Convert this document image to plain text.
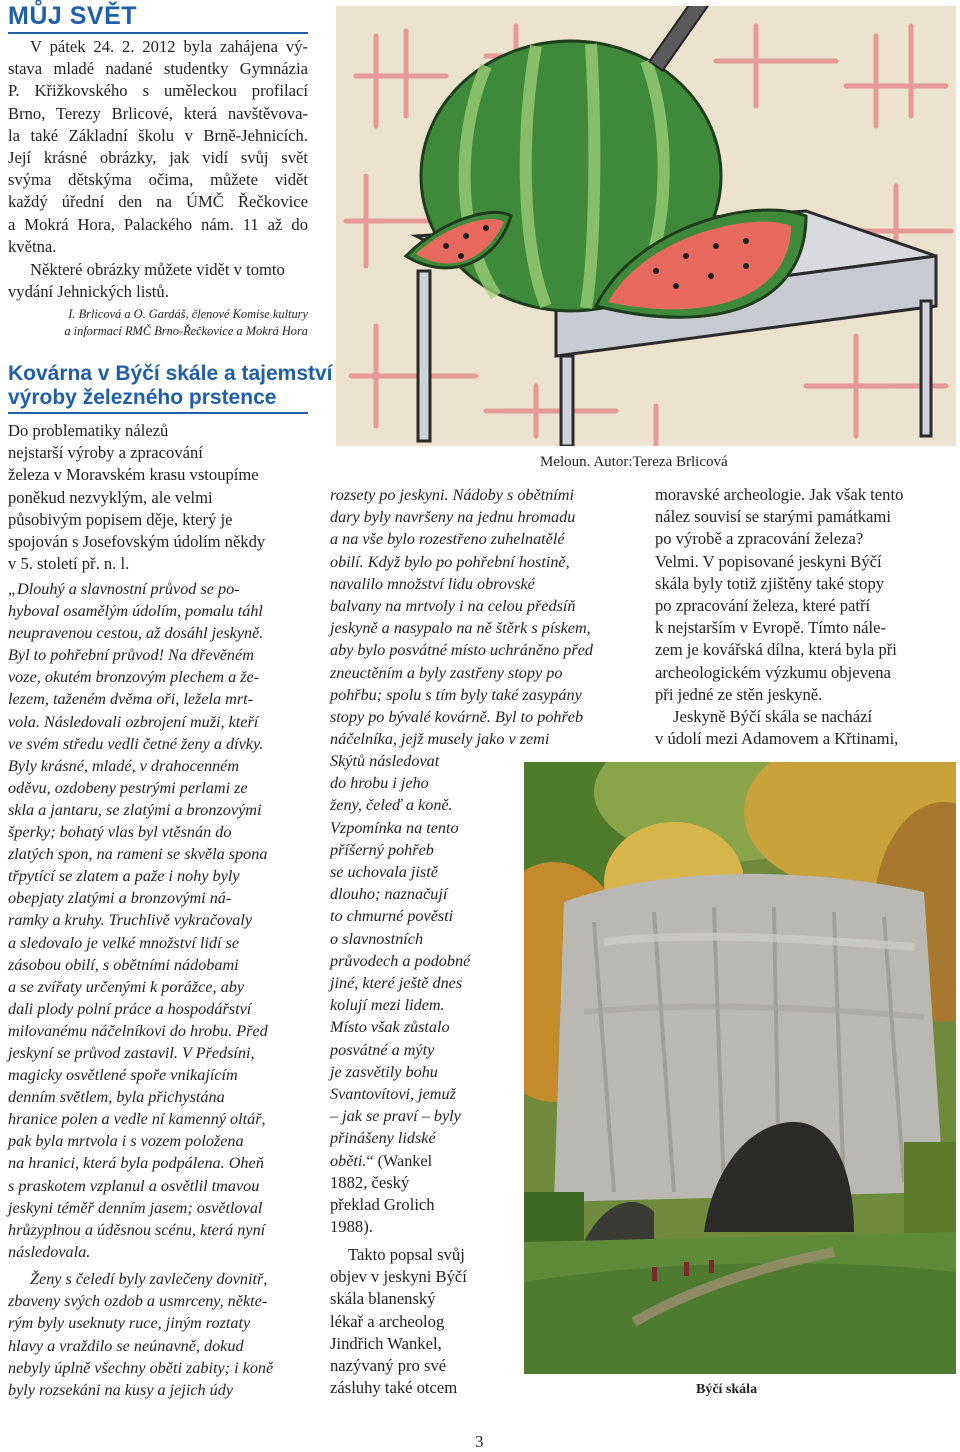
MŮJ SVĚT
V pátek 24. 2. 2012 byla zahájena vý-
stava mladé nadané studentky Gymnázia
P. Křižkovského s uměleckou profilací
Brno, Terezy Brlicové, která navštěvova-
la také Základní školu v Brně-Jehnicích.
Její krásné obrázky, jak vidí svůj svět
svýma dětskýma očima, můžete vidět
každý úřední den na ÚMČ Řečkovice
a Mokrá Hora, Palackého nám. 11 až do
května.
Některé obrázky můžete vidět v tomto
vydání Jehnických listů.
I. Brlicová a O. Gardáš, členové Komise kultury
a informací RMČ Brno-Řečkovice a Mokrá Hora
Meloun. Autor:Tereza Brlicová
Kovárna v Býčí skále a tajemství
výroby železného prstence
Do problematiky nálezů
nejstarší výroby a zpracování
železa v Moravském krasu vstoupíme
poněkud nezvyklým, ale velmi
působivým popisem děje, který je
spojován s Josefovským údolím někdy
v 5. století př. n. l.
„Dlouhý a slavnostní průvod se po-
hyboval osamělým údolím, pomalu táhl
neupravenou cestou, až dosáhl jeskyně.
Byl to pohřební průvod! Na dřevěném
voze, okutém bronzovým plechem a že-
lezem, taženém dvěma oři, ležela mrt-
vola. Následovali ozbrojení muži, kteří
ve svém středu vedli četné ženy a dívky.
Byly krásné, mladé, v drahocenném
oděvu, ozdobeny pestrými perlami ze
skla a jantaru, se zlatými a bronzovými
šperky; bohatý vlas byl vtěsnán do
zlatých spon, na rameni se skvěla spona
třpytící se zlatem a paže i nohy byly
obepjaty zlatými a bronzovými ná-
ramky a kruhy. Truchlivě vykračovaly
a sledovalo je velké množství lidí se
zásobou obilí, s obětními nádobami
a se zvířaty určenými k porážce, aby
dali plody polní práce a hospodářství
milovanému náčelníkovi do hrobu. Před
jeskyní se průvod zastavil. V Předsíni,
magicky osvětlené spoře vnikajícím
denním světlem, byla přichystána
hranice polen a vedle ní kamenný oltář,
pak byla mrtvola i s vozem položena
na hranici, která byla podpálena. Oheň
s praskotem vzplanul a osvětlil tmavou
jeskyni téměř denním jasem; osvětloval
hrůzyplnou a úděsnou scénu, která nyní
následovala.
Ženy s čeledí byly zavlečeny dovnitř,
zbaveny svých ozdob a usmrceny, někte-
rým byly useknuty ruce, jiným roztaty
hlavy a vraždilo se neúnavně, dokud
nebyly úplně všechny oběti zabity; i koně
byly rozsekáni na kusy a jejich údy
rozsety po jeskyni. Nádoby s obětními
dary byly navršeny na jednu hromadu
a na vše bylo rozestřeno zuhelnatělé
obilí. Když bylo po pohřební hostině,
navalilo množství lidu obrovské
balvany na mrtvoly i na celou předsíň
jeskyně a nasypalo na ně štěrk s pískem,
aby bylo posvátné místo uchráněno před
zneuctěním a byly zastřeny stopy po
pohřbu; spolu s tím byly také zasypány
stopy po bývalé kovárně. Byl to pohřeb
náčelníka, jejž musely jako v zemi
Skýtů následovat
do hrobu i jeho
ženy, čeleď a koně.
Vzpomínka na tento
příšerný pohřeb
se uchovala jistě
dlouho; naznačují
to chmurné pověsti
o slavnostních
průvodech a podobné
jiné, které ještě dnes
kolují mezi lidem.
Místo však zůstalo
posvátné a mýty
je zasvětily bohu
Svantovítovi, jemuž
– jak se praví – byly
přinášeny lidské
oběti.“ (Wankel
1882, český
překlad Grolich
1988).
Takto popsal svůj
objev v jeskyni Býčí
skála blanenský
lékař a archeolog
Jindřich Wankel,
nazývaný pro své
zásluhy také otcem
moravské archeologie. Jak však tento
nález souvisí se starými památkami
po výrobě a zpracování železa?
Velmi. V popisované jeskyni Býčí
skála byly totiž zjištěny také stopy
po zpracování železa, které patří
k nejstarším v Evropě. Tímto nále-
zem je kovářská dílna, která byla při
archeologickém výzkumu objevena
při jedné ze stěn jeskyně.
Jeskyně Býčí skála se nachází
v údolí mezi Adamovem a Křtinami,
Býčí skála
3
